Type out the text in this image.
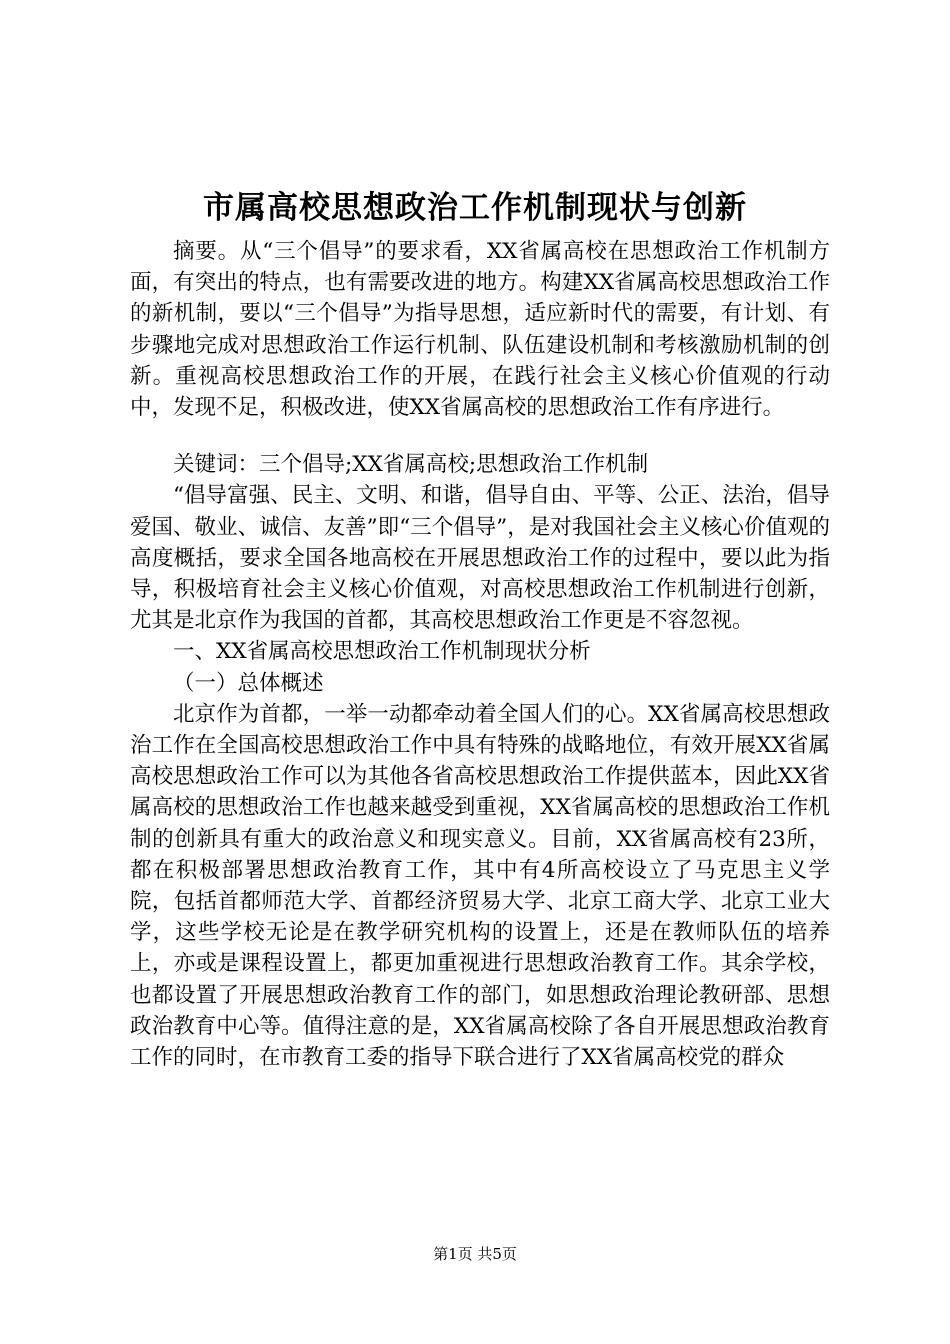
市属高校思想政治工作机制现状与创新

摘要。从“三个倡导”的要求看，XX省属高校在思想政治工作机制方面，有突出的特点，也有需要改进的地方。构建XX省属高校思想政治工作的新机制，要以“三个倡导”为指导思想，适应新时代的需要，有计划、有步骤地完成对思想政治工作运行机制、队伍建设机制和考核激励机制的创新。重视高校思想政治工作的开展，在践行社会主义核心价值观的行动中，发现不足，积极改进，使XX省属高校的思想政治工作有序进行。

关键词：三个倡导;XX省属高校;思想政治工作机制

“倡导富强、民主、文明、和谐，倡导自由、平等、公正、法治，倡导爱国、敬业、诚信、友善”即“三个倡导”，是对我国社会主义核心价值观的高度概括，要求全国各地高校在开展思想政治工作的过程中，要以此为指导，积极培育社会主义核心价值观，对高校思想政治工作机制进行创新，尤其是北京作为我国的首都，其高校思想政治工作更是不容忽视。

一、XX省属高校思想政治工作机制现状分析

（一）总体概述

北京作为首都，一举一动都牵动着全国人们的心。XX省属高校思想政治工作在全国高校思想政治工作中具有特殊的战略地位，有效开展XX省属高校思想政治工作可以为其他各省高校思想政治工作提供蓝本，因此XX省属高校的思想政治工作也越来越受到重视，XX省属高校的思想政治工作机制的创新具有重大的政治意义和现实意义。目前，XX省属高校有23所，都在积极部署思想政治教育工作，其中有4所高校设立了马克思主义学院，包括首都师范大学、首都经济贸易大学、北京工商大学、北京工业大学，这些学校无论是在教学研究机构的设置上，还是在教师队伍的培养上，亦或是课程设置上，都更加重视进行思想政治教育工作。其余学校，也都设置了开展思想政治教育工作的部门，如思想政治理论教研部、思想政治教育中心等。值得注意的是，XX省属高校除了各自开展思想政治教育工作的同时，在市教育工委的指导下联合进行了XX省属高校党的群众

第1页 共5页
